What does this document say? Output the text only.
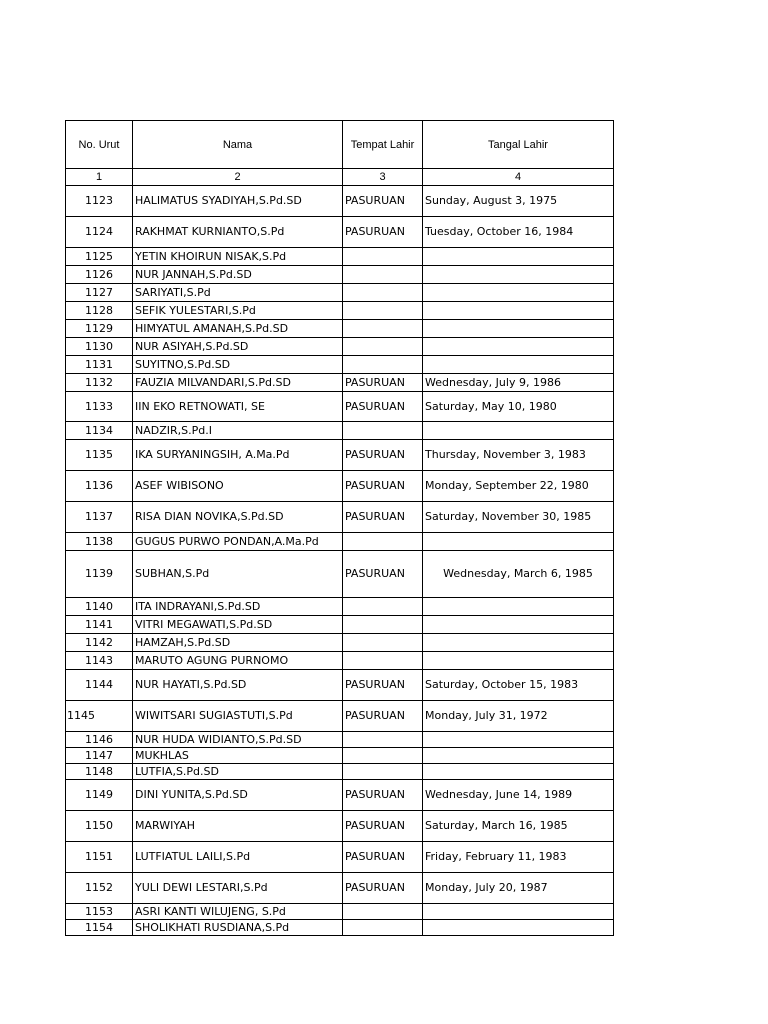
No. Urut	Nama	Tempat Lahir	Tangal Lahir
1	2	3	4
1123	HALIMATUS SYADIYAH,S.Pd.SD	PASURUAN	Sunday, August 3, 1975
1124	RAKHMAT KURNIANTO,S.Pd	PASURUAN	Tuesday, October 16, 1984
1125	YETIN KHOIRUN NISAK,S.Pd		
1126	NUR JANNAH,S.Pd.SD		
1127	SARIYATI,S.Pd		
1128	SEFIK YULESTARI,S.Pd		
1129	HIMYATUL AMANAH,S.Pd.SD		
1130	NUR ASIYAH,S.Pd.SD		
1131	SUYITNO,S.Pd.SD		
1132	FAUZIA MILVANDARI,S.Pd.SD	PASURUAN	Wednesday, July 9, 1986
1133	IIN EKO RETNOWATI, SE	PASURUAN	Saturday, May 10, 1980
1134	NADZIR,S.Pd.I		
1135	IKA SURYANINGSIH, A.Ma.Pd	PASURUAN	Thursday, November 3, 1983
1136	ASEF WIBISONO	PASURUAN	Monday, September 22, 1980
1137	RISA DIAN NOVIKA,S.Pd.SD	PASURUAN	Saturday, November 30, 1985
1138	GUGUS PURWO PONDAN,A.Ma.Pd		
1139	SUBHAN,S.Pd	PASURUAN	Wednesday, March 6, 1985
1140	ITA INDRAYANI,S.Pd.SD		
1141	VITRI MEGAWATI,S.Pd.SD		
1142	HAMZAH,S.Pd.SD		
1143	MARUTO AGUNG PURNOMO		
1144	NUR HAYATI,S.Pd.SD	PASURUAN	Saturday, October 15, 1983
1145	WIWITSARI SUGIASTUTI,S.Pd	PASURUAN	Monday, July 31, 1972
1146	NUR HUDA WIDIANTO,S.Pd.SD		
1147	MUKHLAS		
1148	LUTFIA,S.Pd.SD		
1149	DINI YUNITA,S.Pd.SD	PASURUAN	Wednesday, June 14, 1989
1150	MARWIYAH	PASURUAN	Saturday, March 16, 1985
1151	LUTFIATUL LAILI,S.Pd	PASURUAN	Friday, February 11, 1983
1152	YULI DEWI LESTARI,S.Pd	PASURUAN	Monday, July 20, 1987
1153	ASRI KANTI WILUJENG, S.Pd		
1154	SHOLIKHATI RUSDIANA,S.Pd		
